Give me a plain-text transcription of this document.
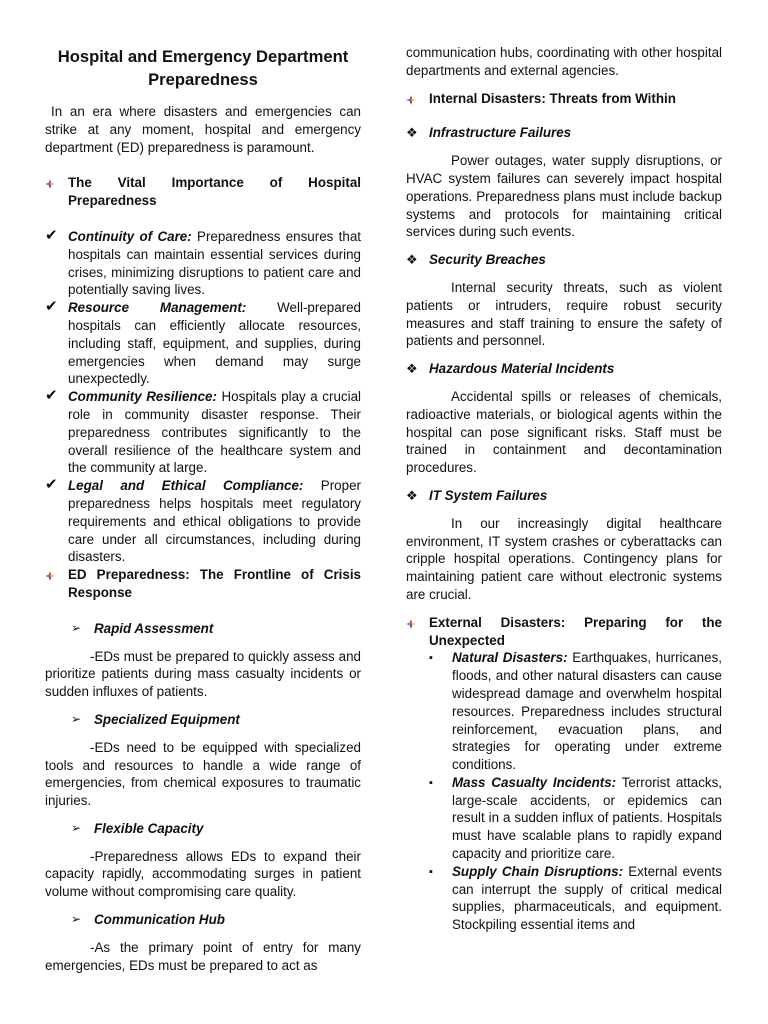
Hospital and Emergency Department Preparedness

In an era where disasters and emergencies can strike at any moment, hospital and emergency department (ED) preparedness is paramount.

The Vital Importance of Hospital Preparedness
✔ Continuity of Care: Preparedness ensures that hospitals can maintain essential services during crises, minimizing disruptions to patient care and potentially saving lives.
✔ Resource Management: Well-prepared hospitals can efficiently allocate resources, including staff, equipment, and supplies, during emergencies when demand may surge unexpectedly.
✔ Community Resilience: Hospitals play a crucial role in community disaster response. Their preparedness contributes significantly to the overall resilience of the healthcare system and the community at large.
✔ Legal and Ethical Compliance: Proper preparedness helps hospitals meet regulatory requirements and ethical obligations to provide care under all circumstances, including during disasters.
ED Preparedness: The Frontline of Crisis Response
➢ Rapid Assessment

-EDs must be prepared to quickly assess and prioritize patients during mass casualty incidents or sudden influxes of patients.

➢ Specialized Equipment

-EDs need to be equipped with specialized tools and resources to handle a wide range of emergencies, from chemical exposures to traumatic injuries.

➢ Flexible Capacity

-Preparedness allows EDs to expand their capacity rapidly, accommodating surges in patient volume without compromising care quality.

➢ Communication Hub

-As the primary point of entry for many emergencies, EDs must be prepared to act as

communication hubs, coordinating with other hospital departments and external agencies.

Internal Disasters: Threats from Within
❖ Infrastructure Failures

Power outages, water supply disruptions, or HVAC system failures can severely impact hospital operations. Preparedness plans must include backup systems and protocols for maintaining critical services during such events.

❖ Security Breaches

Internal security threats, such as violent patients or intruders, require robust security measures and staff training to ensure the safety of patients and personnel.

❖ Hazardous Material Incidents

Accidental spills or releases of chemicals, radioactive materials, or biological agents within the hospital can pose significant risks. Staff must be trained in containment and decontamination procedures.

❖ IT System Failures

In our increasingly digital healthcare environment, IT system crashes or cyberattacks can cripple hospital operations. Contingency plans for maintaining patient care without electronic systems are crucial.

External Disasters: Preparing for the Unexpected
▪ Natural Disasters: Earthquakes, hurricanes, floods, and other natural disasters can cause widespread damage and overwhelm hospital resources. Preparedness includes structural reinforcement, evacuation plans, and strategies for operating under extreme conditions.
▪ Mass Casualty Incidents: Terrorist attacks, large-scale accidents, or epidemics can result in a sudden influx of patients. Hospitals must have scalable plans to rapidly expand capacity and prioritize care.
▪ Supply Chain Disruptions: External events can interrupt the supply of critical medical supplies, pharmaceuticals, and equipment. Stockpiling essential items and
